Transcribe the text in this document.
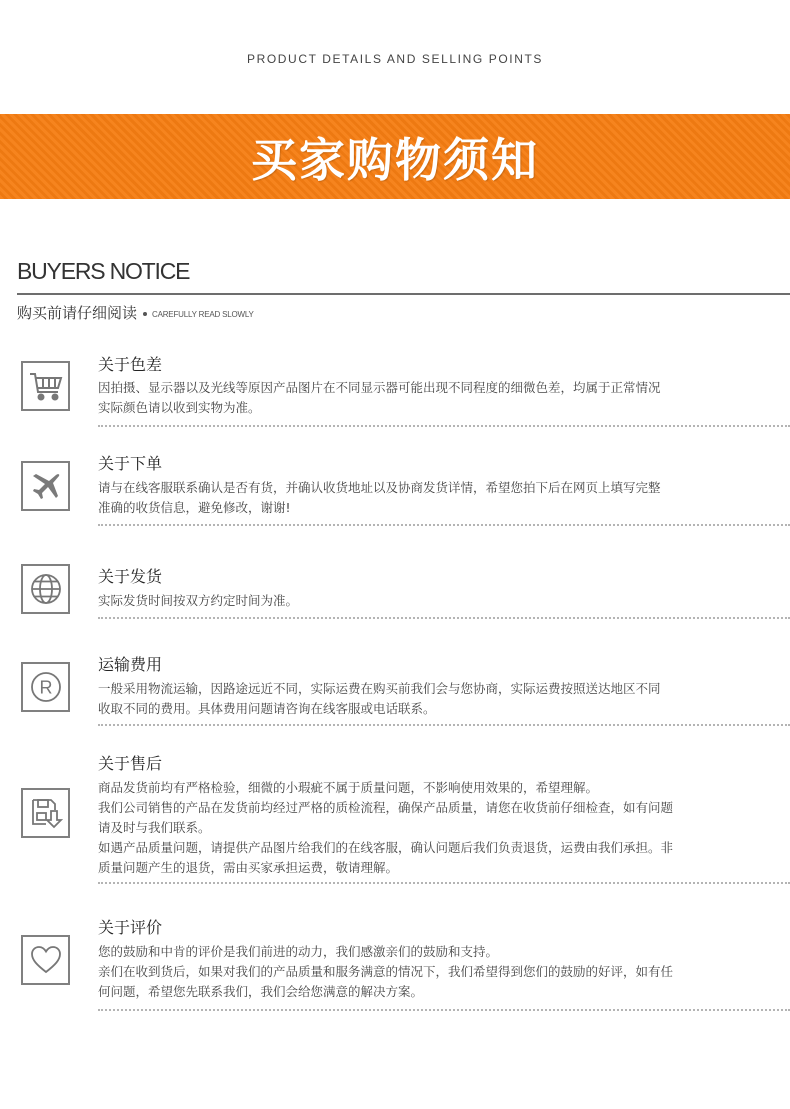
PRODUCT DETAILS AND SELLING POINTS
买家购物须知
BUYERS NOTICE
购买前请仔细阅读 CAREFULLY READ SLOWLY
关于色差

因拍摄、显示器以及光线等原因产品图片在不同显示器可能出现不同程度的细微色差，均属于正常情况

实际颜色请以收到实物为准。

关于下单

请与在线客服联系确认是否有货，并确认收货地址以及协商发货详情，希望您拍下后在网页上填写完整

准确的收货信息，避免修改，谢谢!

关于发货

实际发货时间按双方约定时间为准。

R
运输费用

一般采用物流运输，因路途远近不同，实际运费在购买前我们会与您协商，实际运费按照送达地区不同

收取不同的费用。具体费用问题请咨询在线客服或电话联系。

关于售后

商品发货前均有严格检验，细微的小瑕疵不属于质量问题，不影响使用效果的，希望理解。

我们公司销售的产品在发货前均经过严格的质检流程，确保产品质量，请您在收货前仔细检查，如有问题

请及时与我们联系。

如遇产品质量问题，请提供产品图片给我们的在线客服，确认问题后我们负责退货，运费由我们承担。非

质量问题产生的退货，需由买家承担运费，敬请理解。

关于评价

您的鼓励和中肯的评价是我们前进的动力，我们感激亲们的鼓励和支持。

亲们在收到货后，如果对我们的产品质量和服务满意的情况下，我们希望得到您们的鼓励的好评，如有任

何问题，希望您先联系我们，我们会给您满意的解决方案。
